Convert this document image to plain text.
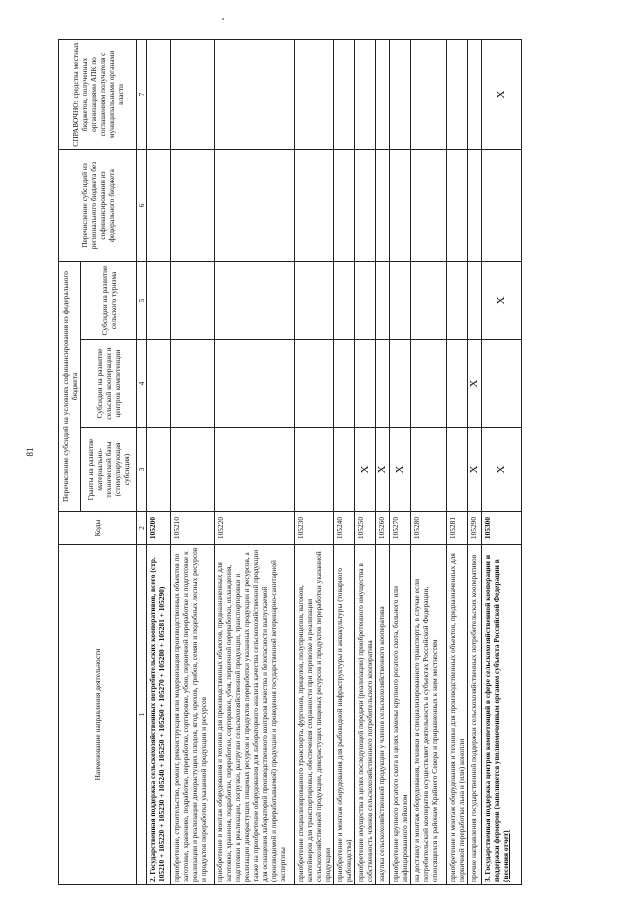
81
Наименование направления деятельности	Коды	Перечисление субсидий на условиях софинансирования из федерального бюджета			Перечисление субсидий из регионального бюджета без софинансирования из федерального бюджета	СПРАВОЧНО: средства местных бюджетов, полученных организациями АПК по соглашениям получателя с муниципальными органами власти
		Гранты на развитие материально-технической базы (стимулирующая субсидия)	Субсидии на развитие сельской кооперации и центров компетенции	Субсидии на развитие сельского туризма		
1	2	3	4	5	6	7
2. Государственная поддержка сельскохозяйственных потребительских кооперативов, всего (стр. 105210 + 105220 + 105230 + 105240 + 105250 + 105260 + 105270 + 105280 + 105281 + 105290)	105200					
приобретение, строительство, ремонт, реконструкция или модернизация производственных объектов по заготовке, хранению, подработке, переработке, сортировке, убою, первичной переработке и подготовке к реализации и реализации дикорастущих плодов, ягод, орехов, грибов, семян и подобных лесных ресурсов и продуктов переработки указанной продукции и ресурсов	105210					
приобретение и монтаж оборудования и техники для производственных объектов, предназначенных для заготовки, хранения, подработки, переработки, сортировки, убоя, первичной переработки, охлаждения, подготовки к реализации, погрузки, разгрузки сельскохозяйственной продукции, транспортировки и реализации дикорастущих пищевых ресурсов и продуктов переработки указанных продукции и ресурсов, а также на приобретение оборудования для лабораторного анализа качества сельскохозяйственной продукции для оснащения лабораторий производственного контроля качества и безопасности выпускаемой (производимой и перерабатываемой) продукции и проведения государственной ветеринарно-санитарной экспертизы	105220					
приобретение специализированного транспорта, фургонов, прицепов, полуприцепов, вагонов, контейнеров для транспортировки, обеспечения сохранности при перевозке и реализации сельскохозяйственной продукции, дикорастущих пищевых ресурсов и продуктов переработки указанной продукции	105230					
приобретение и монтаж оборудования для рыбоводной инфраструктуры и аквакультуры (товарного рыбоводства)	105240					
приобретение имущества в целях последующей передачи (реализации) приобретенного имущества в собственность членов сельскохозяйственного потребительского кооператива	105250	X				
закупка сельскохозяйственной продукции у членов сельскохозяйственного кооператива	105260	X				
приобретение крупного рогатого скота в целях замены крупного рогатого скота, больного или инфицированного лейкозом	105270	X				
на доставку и монтаж оборудования, техники и специализированного транспорта, в случае если потребительский кооператив осуществляет деятельность в субъектах Российской Федерации, относящихся к районам Крайнего Севера и приравненных к ним местностям	105280					
приобретение и монтаж оборудования и техники для производственных объектов, предназначенных для первичной переработки льна и (или) конопли	105281					
прочие направления государственной поддержки сельскохозяйственных потребительских кооперативов	105290	X	X			
3. Государственная поддержка центров компетенций в сфере сельскохозяйственной кооперации и поддержки фермеров (заполняется уполномоченным органом субъекта Российской Федерации в (весения отчет)	105300	X		X		X
